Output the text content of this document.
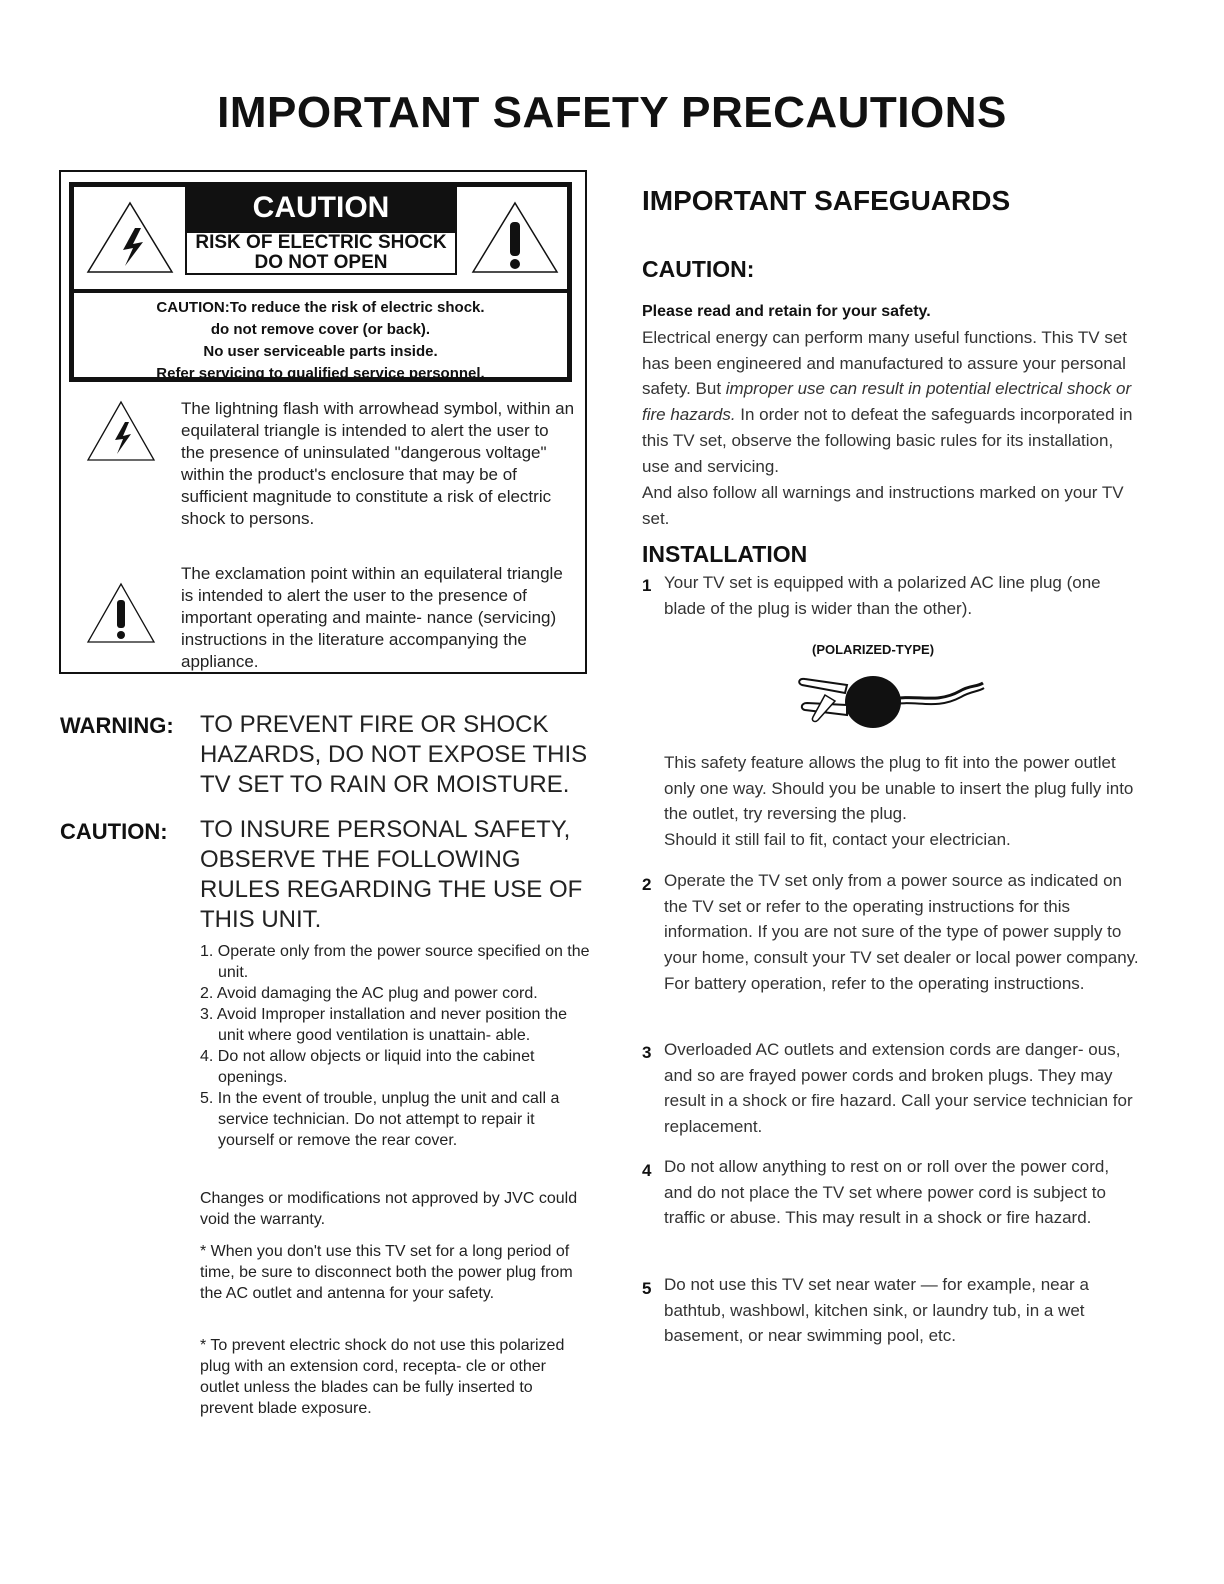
IMPORTANT SAFETY PRECAUTIONS
CAUTION
RISK OF ELECTRIC SHOCK
DO NOT OPEN

CAUTION:To reduce the risk of electric shock.

do not remove cover (or back).

No user serviceable parts inside.

Refer servicing to qualified service personnel.

The lightning flash with arrowhead symbol, within an equilateral triangle is intended to alert the user to the presence of uninsulated "dangerous voltage" within the product's enclosure that may be of sufficient magnitude to constitute a risk of electric shock to persons.

The exclamation point within an equilateral triangle is intended to alert the user to the presence of important operating and mainte- nance (servicing) instructions in the literature accompanying the appliance.

WARNING: TO PREVENT FIRE OR SHOCK HAZARDS, DO NOT EXPOSE THIS TV SET TO RAIN OR MOISTURE.

CAUTION: TO INSURE PERSONAL SAFETY, OBSERVE THE FOLLOWING RULES REGARDING THE USE OF THIS UNIT.

1. Operate only from the power source specified on the unit.
2. Avoid damaging the AC plug and power cord.
3. Avoid Improper installation and never position the unit where good ventilation is unattain- able.
4. Do not allow objects or liquid into the cabinet openings.
5. In the event of trouble, unplug the unit and call a service technician. Do not attempt to repair it yourself or remove the rear cover.

Changes or modifications not approved by JVC could void the warranty.

* When you don't use this TV set for a long period of time, be sure to disconnect both the power plug from the AC outlet and antenna for your safety.

* To prevent electric shock do not use this polarized plug with an extension cord, recepta- cle or other outlet unless the blades can be fully inserted to prevent blade exposure.

IMPORTANT SAFEGUARDS
CAUTION:
Please read and retain for your safety.

Electrical energy can perform many useful functions. This TV set has been engineered and manufactured to assure your personal safety. But improper use can result in potential electrical shock or fire hazards. In order not to defeat the safeguards incorporated in this TV set, observe the following basic rules for its installation, use and servicing.

And also follow all warnings and instructions marked on your TV set.

INSTALLATION
1 Your TV set is equipped with a polarized AC line plug (one blade of the plug is wider than the other).

(POLARIZED-TYPE)

This safety feature allows the plug to fit into the power outlet only one way. Should you be unable to insert the plug fully into the outlet, try reversing the plug.

Should it still fail to fit, contact your electrician.

2 Operate the TV set only from a power source as indicated on the TV set or refer to the operating instructions for this information. If you are not sure of the type of power supply to your home, consult your TV set dealer or local power company. For battery operation, refer to the operating instructions.

3 Overloaded AC outlets and extension cords are danger- ous, and so are frayed power cords and broken plugs. They may result in a shock or fire hazard. Call your service technician for replacement.

4 Do not allow anything to rest on or roll over the power cord, and do not place the TV set where power cord is subject to traffic or abuse. This may result in a shock or fire hazard.

5 Do not use this TV set near water — for example, near a bathtub, washbowl, kitchen sink, or laundry tub, in a wet basement, or near swimming pool, etc.
